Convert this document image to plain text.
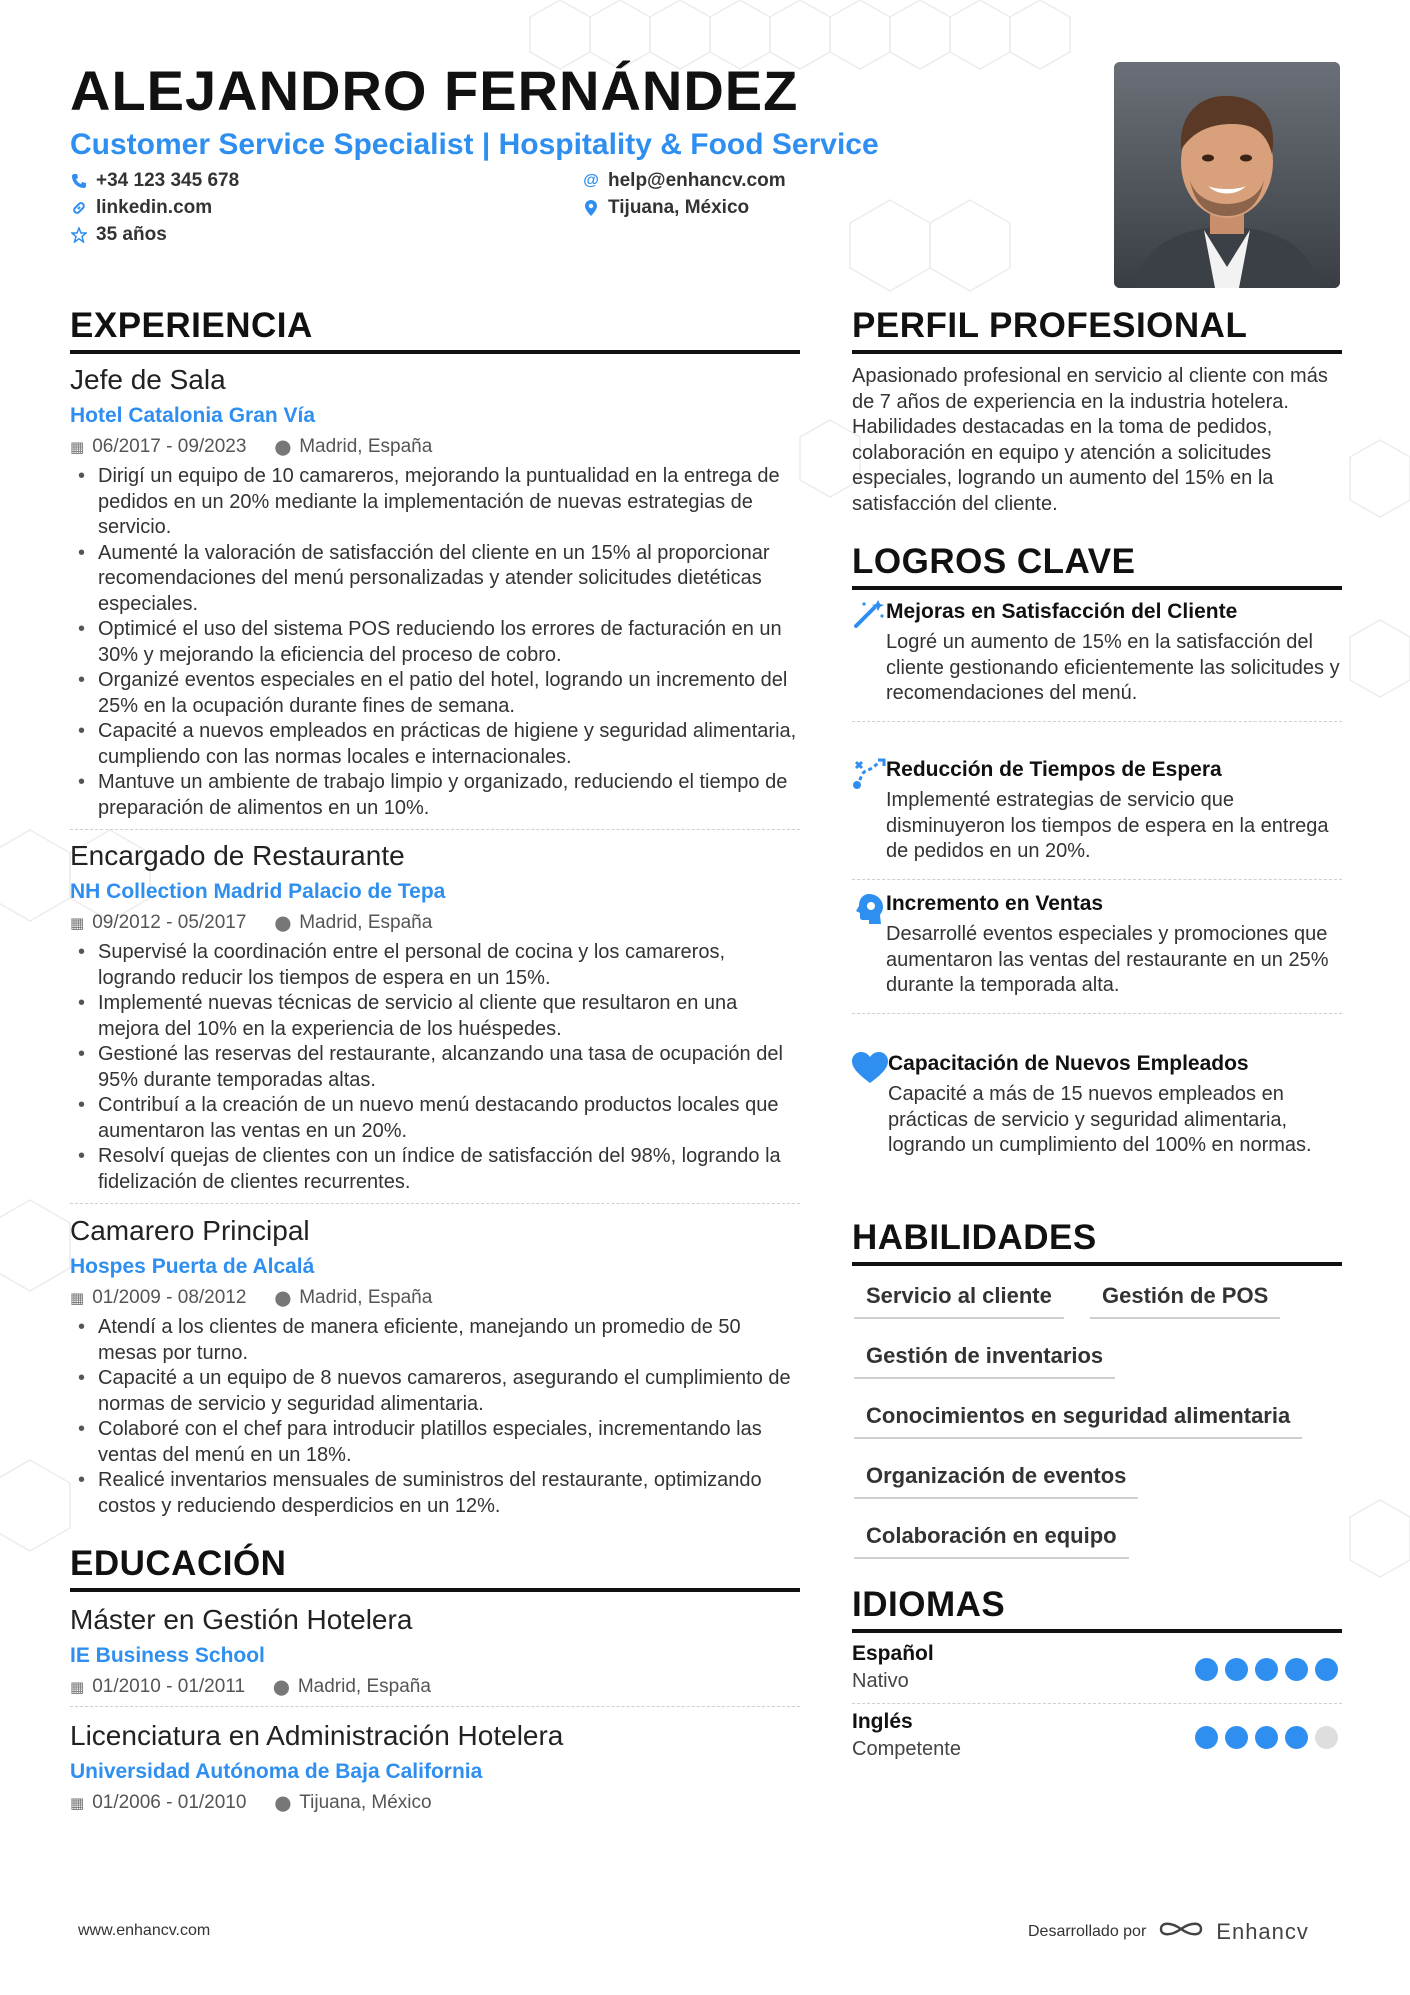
ALEJANDRO FERNÁNDEZ
Customer Service Specialist | Hospitality & Food Service
+34 123 345 678
linkedin.com
35 años
@ help@enhancv.com
Tijuana, México
EXPERIENCIA
Jefe de Sala
Hotel Catalonia Gran Vía
▦ 06/2017 - 09/2023 ⬤ Madrid, España
• Dirigí un equipo de 10 camareros, mejorando la puntualidad en la entrega de pedidos en un 20% mediante la implementación de nuevas estrategias de servicio.
• Aumenté la valoración de satisfacción del cliente en un 15% al proporcionar recomendaciones del menú personalizadas y atender solicitudes dietéticas especiales.
• Optimicé el uso del sistema POS reduciendo los errores de facturación en un 30% y mejorando la eficiencia del proceso de cobro.
• Organizé eventos especiales en el patio del hotel, logrando un incremento del 25% en la ocupación durante fines de semana.
• Capacité a nuevos empleados en prácticas de higiene y seguridad alimentaria, cumpliendo con las normas locales e internacionales.
• Mantuve un ambiente de trabajo limpio y organizado, reduciendo el tiempo de preparación de alimentos en un 10%.
Encargado de Restaurante
NH Collection Madrid Palacio de Tepa
▦ 09/2012 - 05/2017 ⬤ Madrid, España
• Supervisé la coordinación entre el personal de cocina y los camareros, logrando reducir los tiempos de espera en un 15%.
• Implementé nuevas técnicas de servicio al cliente que resultaron en una mejora del 10% en la experiencia de los huéspedes.
• Gestioné las reservas del restaurante, alcanzando una tasa de ocupación del 95% durante temporadas altas.
• Contribuí a la creación de un nuevo menú destacando productos locales que aumentaron las ventas en un 20%.
• Resolví quejas de clientes con un índice de satisfacción del 98%, logrando la fidelización de clientes recurrentes.
Camarero Principal
Hospes Puerta de Alcalá
▦ 01/2009 - 08/2012 ⬤ Madrid, España
• Atendí a los clientes de manera eficiente, manejando un promedio de 50 mesas por turno.
• Capacité a un equipo de 8 nuevos camareros, asegurando el cumplimiento de normas de servicio y seguridad alimentaria.
• Colaboré con el chef para introducir platillos especiales, incrementando las ventas del menú en un 18%.
• Realicé inventarios mensuales de suministros del restaurante, optimizando costos y reduciendo desperdicios en un 12%.
EDUCACIÓN
Máster en Gestión Hotelera
IE Business School
▦ 01/2010 - 01/2011 ⬤ Madrid, España
Licenciatura en Administración Hotelera
Universidad Autónoma de Baja California
▦ 01/2006 - 01/2010 ⬤ Tijuana, México
PERFIL PROFESIONAL
Apasionado profesional en servicio al cliente con más de 7 años de experiencia en la industria hotelera. Habilidades destacadas en la toma de pedidos, colaboración en equipo y atención a solicitudes especiales, logrando un aumento del 15% en la satisfacción del cliente.
LOGROS CLAVE
Mejoras en Satisfacción del Cliente
Logré un aumento de 15% en la satisfacción del cliente gestionando eficientemente las solicitudes y recomendaciones del menú.
Reducción de Tiempos de Espera
Implementé estrategias de servicio que disminuyeron los tiempos de espera en la entrega de pedidos en un 20%.
Incremento en Ventas
Desarrollé eventos especiales y promociones que aumentaron las ventas del restaurante en un 25% durante la temporada alta.
Capacitación de Nuevos Empleados
Capacité a más de 15 nuevos empleados en prácticas de servicio y seguridad alimentaria, logrando un cumplimiento del 100% en normas.
HABILIDADES
Servicio al cliente	Gestión de POS
Gestión de inventarios
Conocimientos en seguridad alimentaria
Organización de eventos
Colaboración en equipo
IDIOMAS
Español
Nativo
Inglés
Competente
www.enhancv.com	Desarrollado por	Enhancv
